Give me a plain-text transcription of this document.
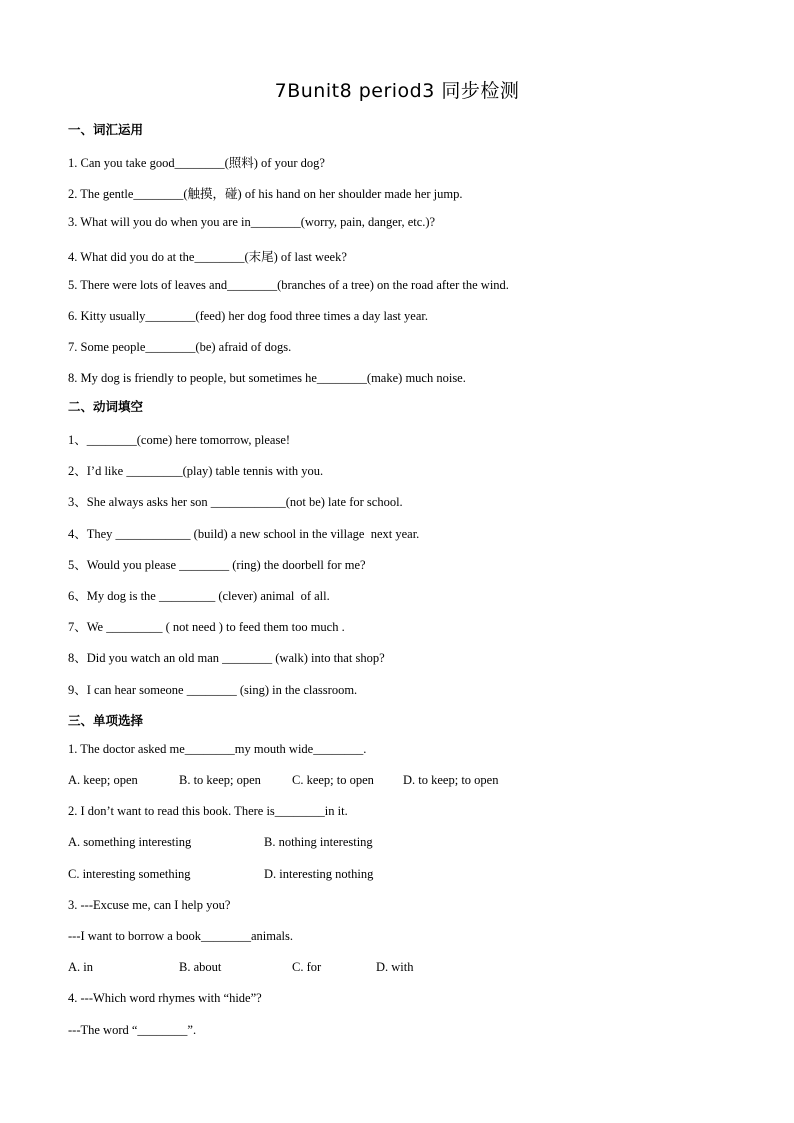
7Bunit8 period3 同步检测
一、词汇运用
1. Can you take good________(照料) of your dog?
2. The gentle________(触摸，碰) of his hand on her shoulder made her jump.
3. What will you do when you are in________(worry, pain, danger, etc.)?
4. What did you do at the________(末尾) of last week?
5. There were lots of leaves and________(branches of a tree) on the road after the wind.
6. Kitty usually________(feed) her dog food three times a day last year.
7. Some people________(be) afraid of dogs.
8. My dog is friendly to people, but sometimes he________(make) much noise.
二、动词填空
1、________(come) here tomorrow, please!
2、I’d like _________(play) table tennis with you.
3、She always asks her son ____________(not be) late for school.
4、They ____________ (build) a new school in the village  next year.
5、Would you please ________ (ring) the doorbell for me?
6、My dog is the _________ (clever) animal  of all.
7、We _________ ( not need ) to feed them too much .
8、Did you watch an old man ________ (walk) into that shop?
9、I can hear someone ________ (sing) in the classroom.
三、单项选择
1. The doctor asked me________my mouth wide________.
A. keep; open	B. to keep; open C. keep; to open D. to keep; to open
2. I don’t want to read this book. There is________in it.
A. something interesting	B. nothing interesting
C. interesting something	D. interesting nothing
3. ---Excuse me, can I help you?
---I want to borrow a book________animals.
A. in	B. about	C. for	D. with
4. ---Which word rhymes with “hide”?
---The word “________”.
